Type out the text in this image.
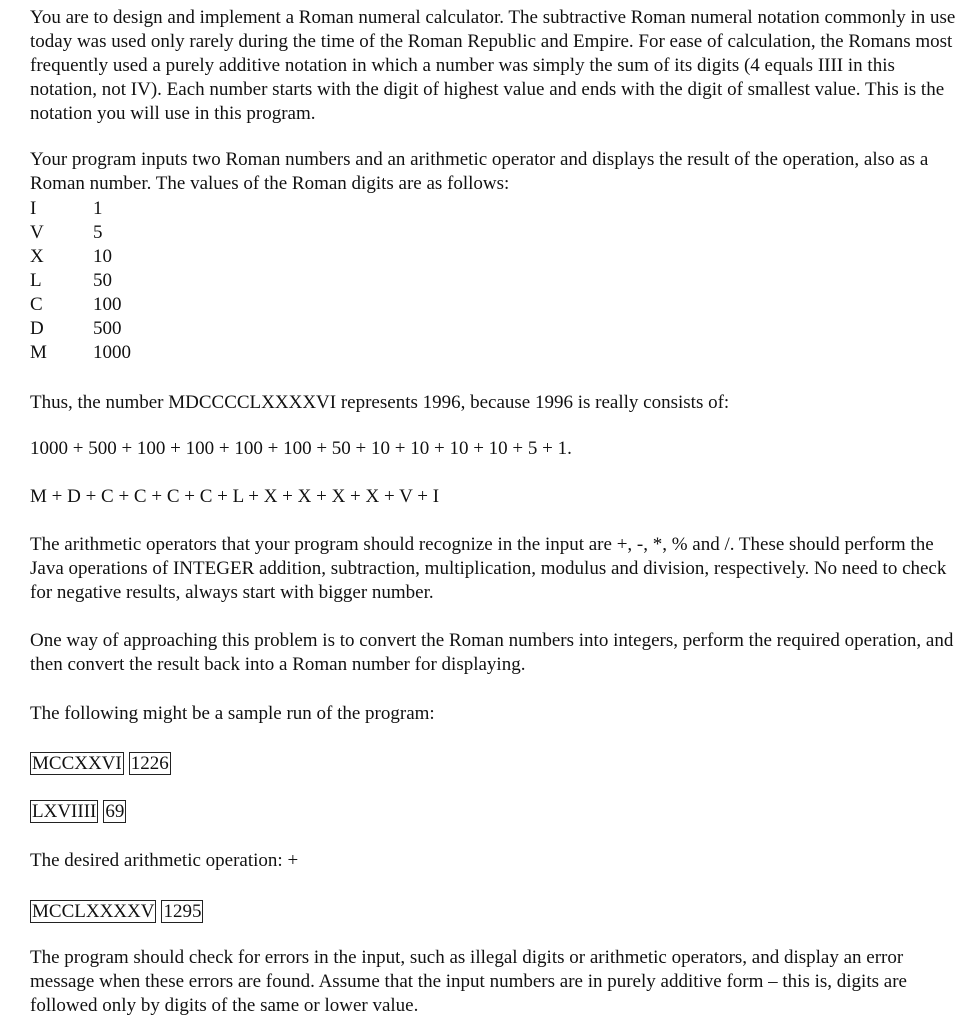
You are to design and implement a Roman numeral calculator. The subtractive Roman numeral notation commonly in use today was used only rarely during the time of the Roman Republic and Empire. For ease of calculation, the Romans most frequently used a purely additive notation in which a number was simply the sum of its digits (4 equals IIII in this notation, not IV). Each number starts with the digit of highest value and ends with the digit of smallest value. This is the notation you will use in this program.

Your program inputs two Roman numbers and an arithmetic operator and displays the result of the operation, also as a Roman number. The values of the Roman digits are as follows:

I	1
V	5
X	10
L	50
C	100
D	500
M	1000

Thus, the number MDCCCCLXXXXVI represents 1996, because 1996 is really consists of:

1000 + 500 + 100 + 100 + 100 + 100 + 50 + 10 + 10 + 10 + 10 + 5 + 1.

M + D + C + C + C + C + L + X + X + X + X + V + I

The arithmetic operators that your program should recognize in the input are +, -, *, % and /. These should perform the Java operations of INTEGER addition, subtraction, multiplication, modulus and division, respectively. No need to check for negative results, always start with bigger number.

One way of approaching this problem is to convert the Roman numbers into integers, perform the required operation, and then convert the result back into a Roman number for displaying.

The following might be a sample run of the program:

MCCXXVI 1226
LXVIIII 69

The desired arithmetic operation: +

MCCLXXXXV 1295

The program should check for errors in the input, such as illegal digits or arithmetic operators, and display an error message when these errors are found. Assume that the input numbers are in purely additive form – this is, digits are followed only by digits of the same or lower value.
